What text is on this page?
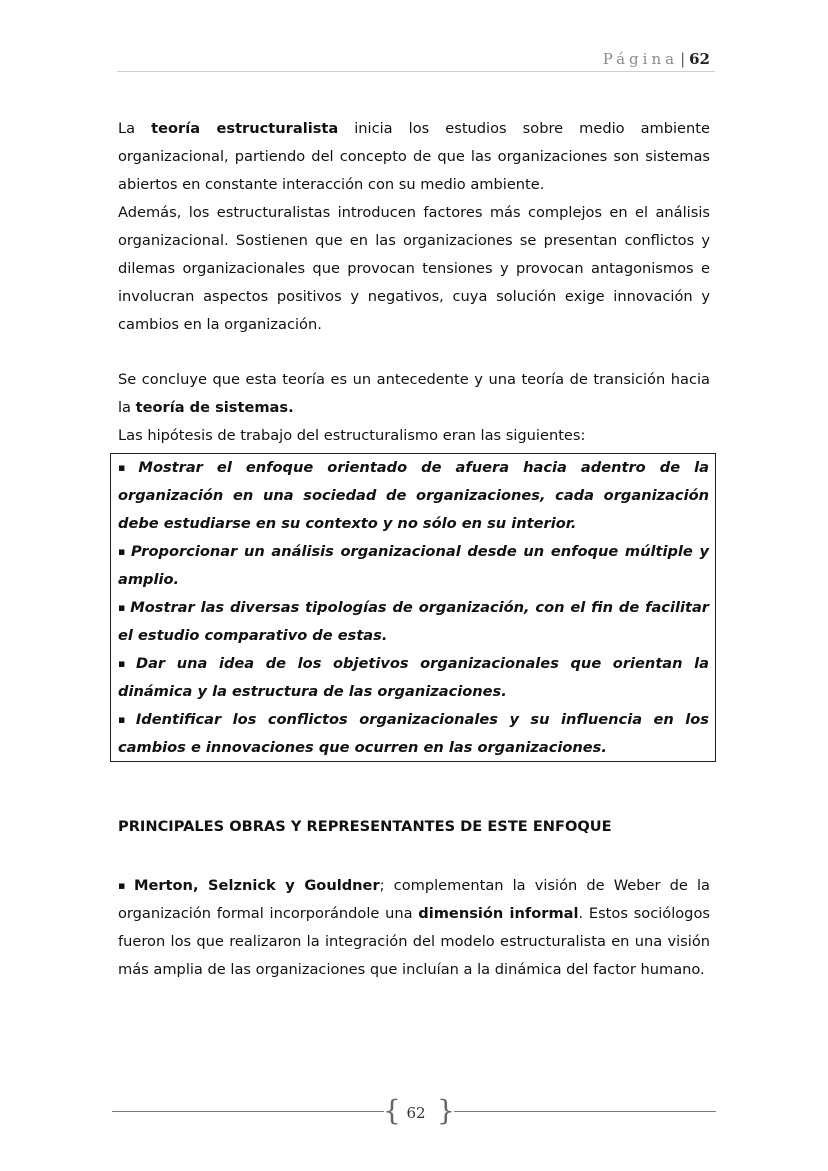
Página | 62

La teoría estructuralista inicia los estudios sobre medio ambiente organizacional, partiendo del concepto de que las organizaciones son sistemas abiertos en constante interacción con su medio ambiente.

Además, los estructuralistas introducen factores más complejos en el análisis organizacional. Sostienen que en las organizaciones se presentan conflictos y dilemas organizacionales que provocan tensiones y provocan antagonismos e involucran aspectos positivos y negativos, cuya solución exige innovación y cambios en la organización.

Se concluye que esta teoría es un antecedente y una teoría de transición hacia la teoría de sistemas.

Las hipótesis de trabajo del estructuralismo eran las siguientes:

▪ Mostrar el enfoque orientado de afuera hacia adentro de la organización en una sociedad de organizaciones, cada organización debe estudiarse en su contexto y no sólo en su interior.

▪ Proporcionar un análisis organizacional desde un enfoque múltiple y amplio.

▪ Mostrar las diversas tipologías de organización, con el fin de facilitar el estudio comparativo de estas.

▪ Dar una idea de los objetivos organizacionales que orientan la dinámica y la estructura de las organizaciones.

▪ Identificar los conflictos organizacionales y su influencia en los cambios e innovaciones que ocurren en las organizaciones.

PRINCIPALES OBRAS Y REPRESENTANTES DE ESTE ENFOQUE

▪ Merton, Selznick y Gouldner; complementan la visión de Weber de la organización formal incorporándole una dimensión informal. Estos sociólogos fueron los que realizaron la integración del modelo estructuralista en una visión más amplia de las organizaciones que incluían a la dinámica del factor humano.

{ 62 }
